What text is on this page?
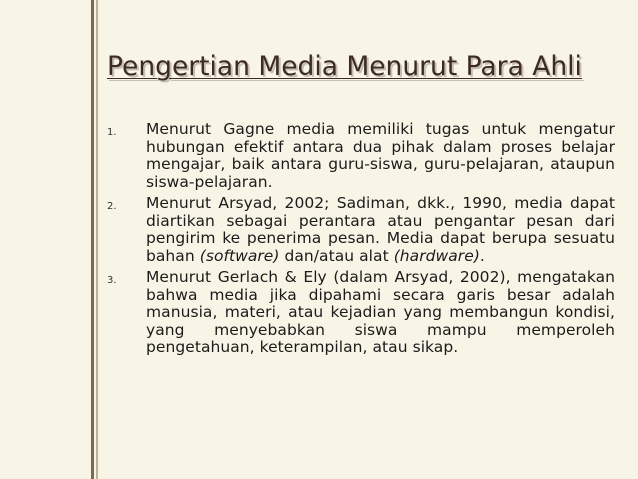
Pengertian Media Menurut Para Ahli
1.	Menurut Gagne media memiliki tugas untuk mengatur hubungan efektif antara dua pihak dalam proses belajar mengajar, baik antara guru-siswa, guru-pelajaran, ataupun siswa-pelajaran.
2.	Menurut Arsyad, 2002; Sadiman, dkk., 1990, media dapat diartikan sebagai perantara atau pengantar pesan dari pengirim ke penerima pesan. Media dapat berupa sesuatu bahan (software) dan/atau alat (hardware).
3.	Menurut Gerlach & Ely (dalam Arsyad, 2002), mengatakan bahwa media jika dipahami secara garis besar adalah manusia, materi, atau kejadian yang membangun kondisi, yang menyebabkan siswa mampu memperoleh pengetahuan, keterampilan, atau sikap.
